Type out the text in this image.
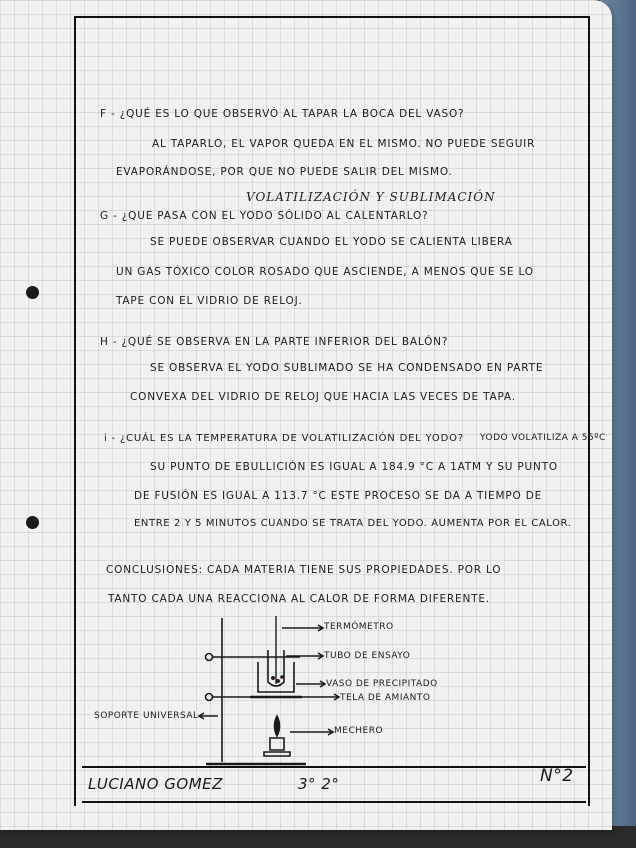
F - ¿QUÉ ES LO QUE OBSERVÓ AL TAPAR LA BOCA DEL VASO?
AL TAPARLO, EL VAPOR QUEDA EN EL MISMO. NO PUEDE SEGUIR
EVAPORÁNDOSE, POR QUE NO PUEDE SALIR DEL MISMO.
VOLATILIZACIÓN Y SUBLIMACIÓN
G - ¿QUE PASA CON EL YODO SÓLIDO AL CALENTARLO?
SE PUEDE OBSERVAR CUANDO EL YODO SE CALIENTA LIBERA
UN GAS TÓXICO COLOR ROSADO QUE ASCIENDE, A MENOS QUE SE LO
TAPE CON EL VIDRIO DE RELOJ.
H - ¿QUÉ SE OBSERVA EN LA PARTE INFERIOR DEL BALÓN?
SE OBSERVA EL YODO SUBLIMADO SE HA CONDENSADO EN PARTE
CONVEXA DEL VIDRIO DE RELOJ QUE HACIA LAS VECES DE TAPA.
i - ¿CUÁL ES LA TEMPERATURA DE VOLATILIZACIÓN DEL YODO? YODO VOLATILIZA A 55ºC
SU PUNTO DE EBULLICIÓN ES IGUAL A 184.9 °C A 1ATM Y SU PUNTO
DE FUSIÓN ES IGUAL A 113.7 °C ESTE PROCESO SE DA A TIEMPO DE
ENTRE 2 Y 5 MINUTOS CUANDO SE TRATA DEL YODO. AUMENTA POR EL CALOR.
CONCLUSIONES: CADA MATERIA TIENE SUS PROPIEDADES. POR LO
TANTO CADA UNA REACCIONA AL CALOR DE FORMA DIFERENTE.
TERMÓMETRO
TUBO DE ENSAYO
VASO DE PRECIPITADO
TELA DE AMIANTO
SOPORTE UNIVERSAL
MECHERO
LUCIANO GOMEZ	3° 2°	N°2
